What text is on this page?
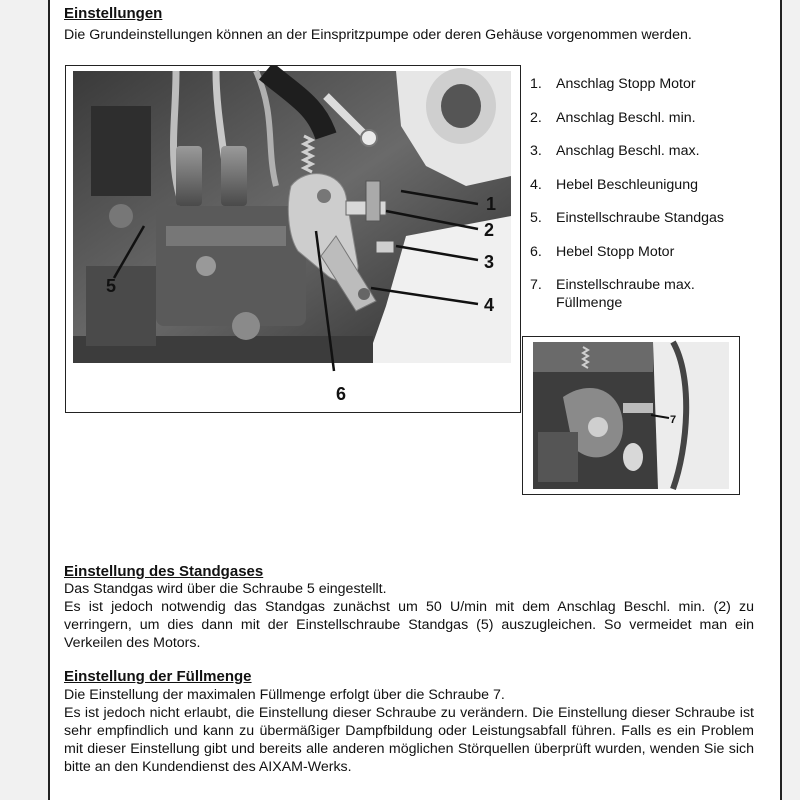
Einstellungen
Die Grundeinstellungen können an der Einspritzpumpe oder deren Gehäuse vorgenommen werden.
1
2
3
4
5
6
1. Anschlag Stopp Motor
2. Anschlag Beschl. min.
3. Anschlag Beschl. max.
4. Hebel Beschleunigung
5. Einstellschraube Standgas
6. Hebel Stopp Motor
7. Einstellschraube max. Füllmenge
7
Einstellung des Standgases
Das Standgas wird über die Schraube 5 eingestellt.
Es ist jedoch notwendig das Standgas zunächst um 50 U/min mit dem Anschlag Beschl. min. (2) zu verringern, um dies dann mit der Einstellschraube Standgas (5) auszugleichen. So vermeidet man ein Verkeilen des Motors.
Einstellung der Füllmenge
Die Einstellung der maximalen Füllmenge erfolgt über die Schraube 7.
Es ist jedoch nicht erlaubt, die Einstellung dieser Schraube zu verändern. Die Einstellung dieser Schraube ist sehr empfindlich und kann zu übermäßiger Dampfbildung oder Leistungsabfall führen. Falls es ein Problem mit dieser Einstellung gibt und bereits alle anderen möglichen Störquellen überprüft wurden, wenden Sie sich bitte an den Kundendienst des AIXAM-Werks.
